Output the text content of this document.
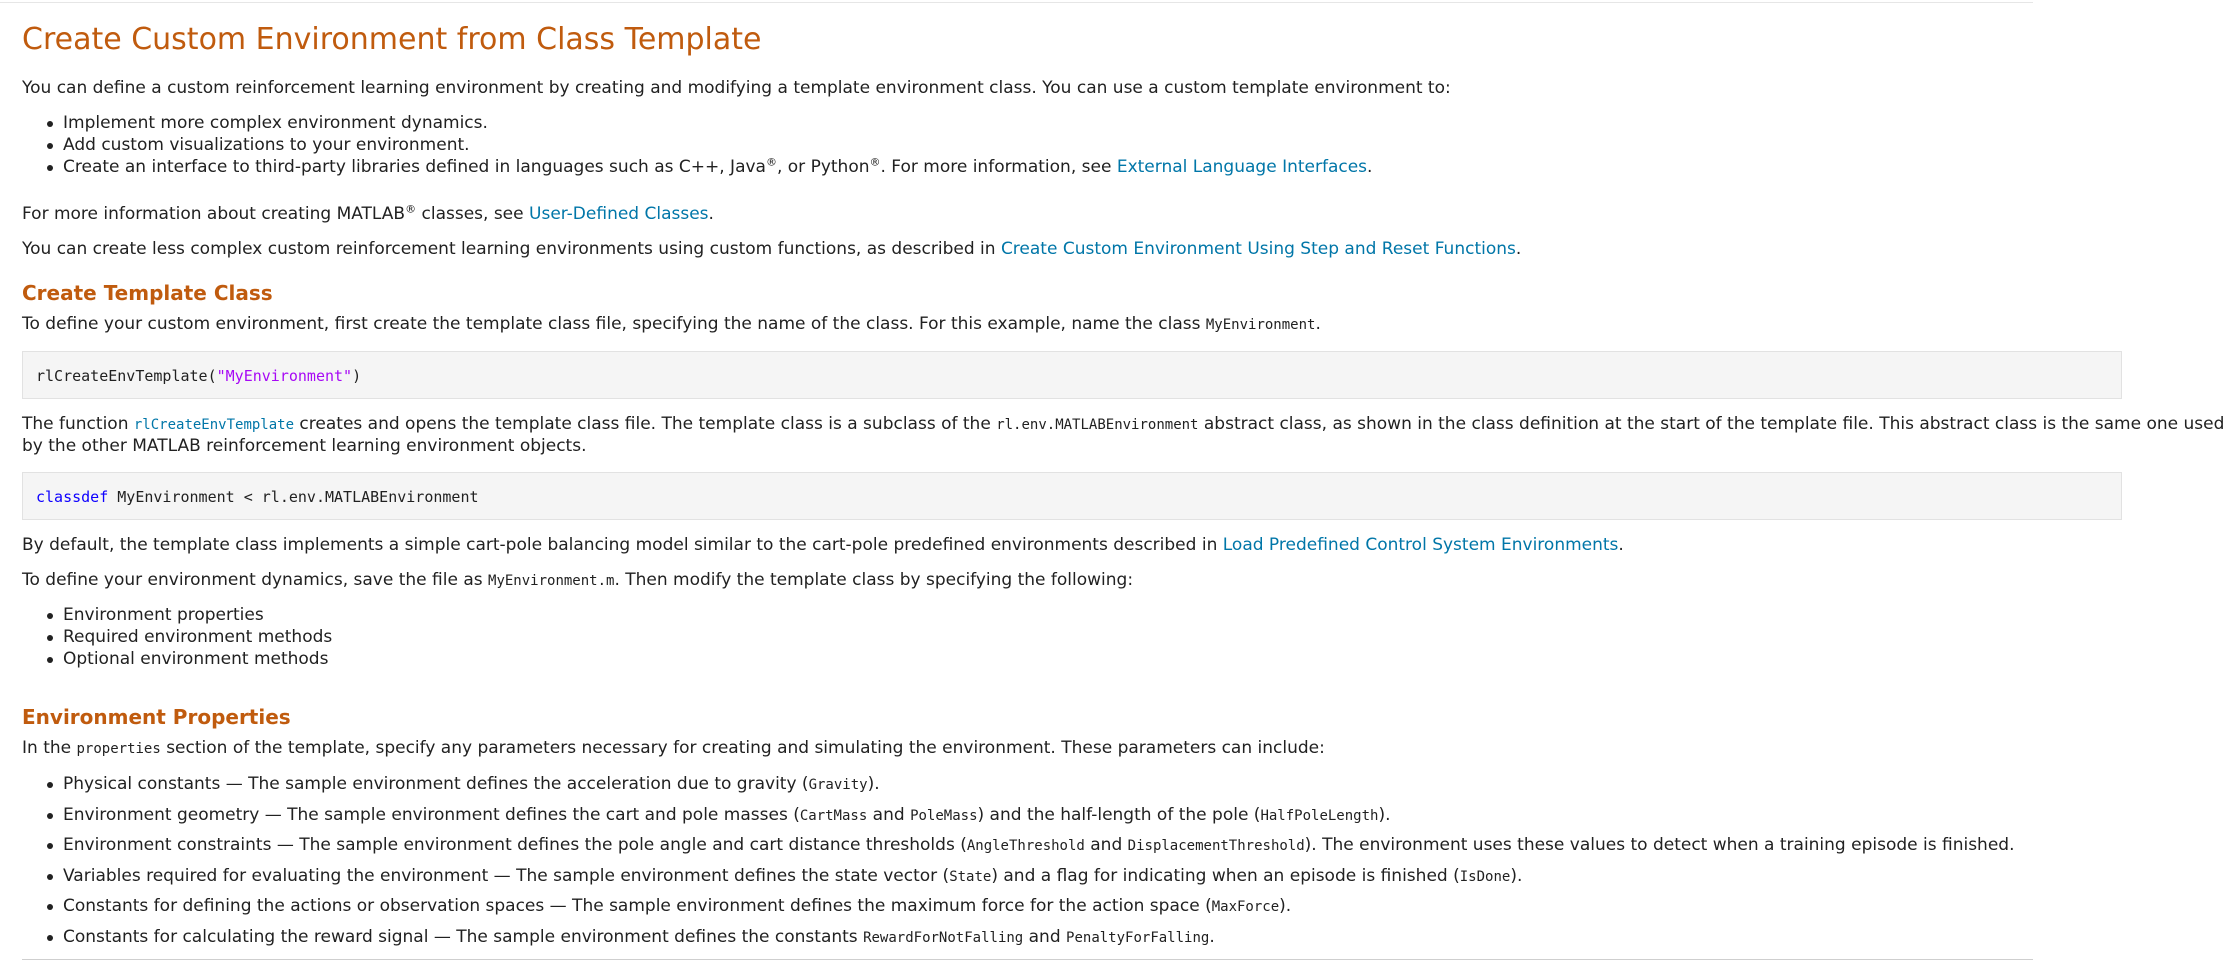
Create Custom Environment from Class Template
You can define a custom reinforcement learning environment by creating and modifying a template environment class. You can use a custom template environment to:
Implement more complex environment dynamics.
Add custom visualizations to your environment.
Create an interface to third-party libraries defined in languages such as C++, Java®, or Python®. For more information, see External Language Interfaces.
For more information about creating MATLAB® classes, see User-Defined Classes.
You can create less complex custom reinforcement learning environments using custom functions, as described in Create Custom Environment Using Step and Reset Functions.
Create Template Class
To define your custom environment, first create the template class file, specifying the name of the class. For this example, name the class MyEnvironment.
rlCreateEnvTemplate("MyEnvironment")
The function rlCreateEnvTemplate creates and opens the template class file. The template class is a subclass of the rl.env.MATLABEnvironment abstract class, as shown in the class definition at the start of the template file. This abstract class is the same one used
by the other MATLAB reinforcement learning environment objects.
classdef MyEnvironment < rl.env.MATLABEnvironment
By default, the template class implements a simple cart-pole balancing model similar to the cart-pole predefined environments described in Load Predefined Control System Environments.
To define your environment dynamics, save the file as MyEnvironment.m. Then modify the template class by specifying the following:
Environment properties
Required environment methods
Optional environment methods
Environment Properties
In the properties section of the template, specify any parameters necessary for creating and simulating the environment. These parameters can include:
Physical constants — The sample environment defines the acceleration due to gravity (Gravity).
Environment geometry — The sample environment defines the cart and pole masses (CartMass and PoleMass) and the half-length of the pole (HalfPoleLength).
Environment constraints — The sample environment defines the pole angle and cart distance thresholds (AngleThreshold and DisplacementThreshold). The environment uses these values to detect when a training episode is finished.
Variables required for evaluating the environment — The sample environment defines the state vector (State) and a flag for indicating when an episode is finished (IsDone).
Constants for defining the actions or observation spaces — The sample environment defines the maximum force for the action space (MaxForce).
Constants for calculating the reward signal — The sample environment defines the constants RewardForNotFalling and PenaltyForFalling.
